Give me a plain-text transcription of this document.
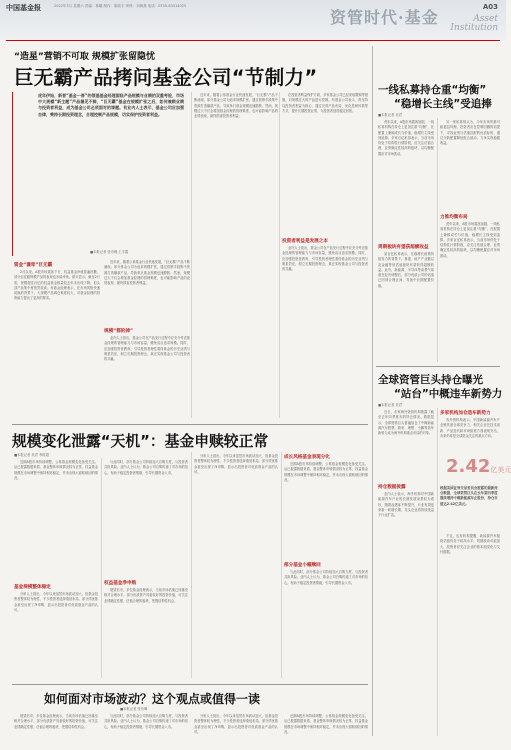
中国基金报	2022年3月 星期六 责编：林曦 制作：陈欣宇 审核：刘海燕 电话：0755-83514025
资管时代·基金
A03
Asset
Institution
“造星”营销不可取 规模扩张留隐忧
巨无霸产品拷问基金公司“节制力”
虎年伊始，新晋“基金一哥”的领基基金经理面临产品规模与业绩的双重考验，市场中大规模“新主题”产品屡见不鲜，“巨无霸”基金在规模扩张之后，如何兼顾业绩与投资者利益，成为基金公司必须面对的课题。有业内人士表示，基金公司应加强自律，秉持长期投资理念，合理控制产品规模，切实保护投资者利益。
■本报记者 张舟琳 王宇露
资金“谦卑”巨无霸
2月以来，A股市场震荡下行，权益基金净值普遍回撤，部分百亿级规模产品的表现也未能幸免。统计显示，截至2月底，规模超过百亿的权益基金数量较去年末出现下降，但头部产品集中度依然较高。有基金经理表示，在市场风格快速切换的背景下，大规模产品调仓难度较大，对基金经理的投资能力提出了更高的要求。
近年来，随着公募基金行业快速发展，“巨无霸”产品不断涌现。部分基金公司为追求规模扩张，通过营销手段集中资源打造爆款产品，导致单只基金规模迅速膨胀。然而，规模过大不仅会增加基金经理的管理难度，也可能影响产品的业绩表现，最终损害投资者利益。
规模“都的掉”
业内人士指出，基金公司在产品发行过程中应充分考虑基金经理的管理能力与市场容量，避免盲目追求规模。同时，应加强投资者教育，引导投资者理性看待基金的历史业绩与明星效应，树立长期投资理念，真正实现基金公司与投资者的共赢。
近年来，随着公募基金行业快速发展，“巨无霸”产品不断涌现。部分基金公司为追求规模扩张，通过营销手段集中资源打造爆款产品，导致单只基金规模迅速膨胀。然而，规模过大不仅会增加基金经理的管理难度，也可能影响产品的业绩表现，最终损害投资者利益。
在投资者利益保护方面，多家基金公司已经采取限购等措施，对规模过大的产品进行控制。有基金公司表示，将坚持以投资者利益为核心，通过完善产品布局、优化投研体系等方式，提升长期投资业绩，为投资者创造稳定回报。
投资者利益是发展之本
业内人士指出，基金公司在产品发行过程中应充分考虑基金经理的管理能力与市场容量，避免盲目追求规模。同时，应加强投资者教育，引导投资者理性看待基金的历史业绩与明星效应，树立长期投资理念，真正实现基金公司与投资者的共赢。
一线私募持仓重“均衡”
“稳增长主线”受追捧
■本报记者 吴君
虎年以来，A股市场震荡加剧，一线私募机构在持仓上更加注重“均衡”，在配置上兼顾成长与价值，稳增长主线受到追捧。多家百亿私募表示，当前市场仍处于结构性行情阶段，应关注估值合理、业绩确定性较高的板块，以均衡配置应对市场波动。
周期板块有望获超额收益
某百亿私募表示，在稳增长政策持续发力的背景下，基建、地产产业链以及金融等低估值板块有望获得超额收益。此外，新能源、半导体等高景气赛道在经历调整后，部分优质公司的估值已回到合理区间，具备中长期配置价值。
另一家私募则认为，今年市场风格可能更趋均衡，投资者应在控制回撤的前提下，寻找业绩与估值匹配的优质标的，通过分散配置降低组合波动，力争实现稳健收益。
力推均衡布局
虎年以来，A股市场震荡加剧，一线私募机构在持仓上更加注重“均衡”，在配置上兼顾成长与价值，稳增长主线受到追捧。多家百亿私募表示，当前市场仍处于结构性行情阶段，应关注估值合理、业绩确定性较高的板块，以均衡配置应对市场波动。
全球资管巨头持仓曝光
“站台”中概违车新势力
■本报记者 吴君
近日，多家海外资管机构披露了截至去年四季度末的持仓情况。数据显示，全球资管巨头普遍加仓了中概新能源汽车股票，蔚来、理想、小鹏等造车新势力成为海外机构重点布局的对象。
持仓数据披露
业内人士表示，海外机构对中国新能源汽车产业的长期发展前景较为看好，随着渗透率不断提升，行业有望迎来新一轮增长期，龙头企业将持续受益于行业扩容。
多家机构加仓造车新势力
有外资机构表示，中国新能源汽车产业链具备全球竞争力，相关企业在技术创新、产品迭代和市场拓展方面表现突出，未来仍将是全球资金关注的重点方向。
2.42亿美元
根据美国证券交易委员会披露的最新持仓数据，全球资管巨头在去年第四季度继续增持中概新能源车企股份，持仓市值达2.42亿美元。
不过，也有机构提醒，新能源汽车板块估值仍处于较高水平，短期波动可能加大，投资者应关注企业的基本面变化与交付数据。
规模变化泄露“天机”：基金申赎较正常
■本报记者 吴君 李树超
近期A股市场持续调整，公募基金规模变化备受关注。从已披露数据来看，基金整体申赎情况较为正常，权益基金规模在市场调整中保持相对稳定，并未出现大面积赎回的情况。
基金规模整体稳定
分析人士指出，今年以来虽然市场波动加大，但基金投资者整体较为理性，不少投资者选择逢低布局。部分绩优基金甚至出现了净申购，显示出投资者对优质基金产品的认可。
与此同时，部分基金公司持续加大自购力度，与投资者共担风险。业内人士认为，基金公司自购传递了对市场的信心，有助于稳定投资者情绪，引导长期资金入市。
权益基金净申购
展望后市，多位基金经理表示，当前市场估值已回落至相对合理水平，部分优质资产具备较好的投资价值，可关注业绩确定性强、估值合理的板块，把握结构性机会。
分析人士指出，今年以来虽然市场波动加大，但基金投资者整体较为理性，不少投资者选择逢低布局。部分绩优基金甚至出现了净申购，显示出投资者对优质基金产品的认可。
成长风格基金表现分化
近期A股市场持续调整，公募基金规模变化备受关注。从已披露数据来看，基金整体申赎情况较为正常，权益基金规模在市场调整中保持相对稳定，并未出现大面积赎回的情况。
部分基金小幅赎回
与此同时，部分基金公司持续加大自购力度，与投资者共担风险。业内人士认为，基金公司自购传递了对市场的信心，有助于稳定投资者情绪，引导长期资金入市。
如何面对市场波动？这个观点或值得一读
■本报记者 张舟琳
展望后市，多位基金经理表示，当前市场估值已回落至相对合理水平，部分优质资产具备较好的投资价值，可关注业绩确定性强、估值合理的板块，把握结构性机会。
与此同时，部分基金公司持续加大自购力度，与投资者共担风险。业内人士认为，基金公司自购传递了对市场的信心，有助于稳定投资者情绪，引导长期资金入市。
分析人士指出，今年以来虽然市场波动加大，但基金投资者整体较为理性，不少投资者选择逢低布局。部分绩优基金甚至出现了净申购，显示出投资者对优质基金产品的认可。
近期A股市场持续调整，公募基金规模变化备受关注。从已披露数据来看，基金整体申赎情况较为正常，权益基金规模在市场调整中保持相对稳定，并未出现大面积赎回的情况。
